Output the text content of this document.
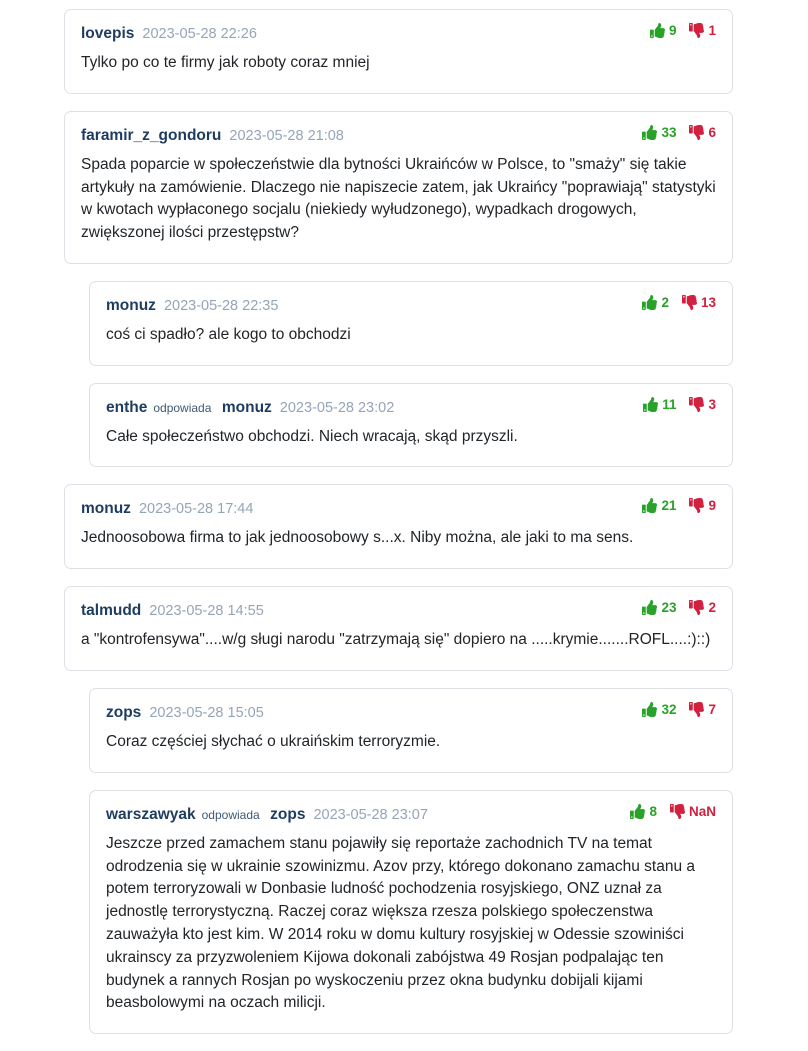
lovepis 2023-05-28 22:26	9 1
Tylko po co te firmy jak roboty coraz mniej
faramir_z_gondoru 2023-05-28 21:08	33 6
Spada poparcie w społeczeństwie dla bytności Ukraińców w Polsce, to "smaży" się takie artykuły na zamówienie. Dlaczego nie napiszecie zatem, jak Ukraińcy "poprawiają" statystyki w kwotach wypłaconego socjalu (niekiedy wyłudzonego), wypadkach drogowych, zwiększonej ilości przestępstw?
monuz 2023-05-28 22:35	2 13
coś ci spadło? ale kogo to obchodzi
enthe odpowiada monuz 2023-05-28 23:02	11 3
Całe społeczeństwo obchodzi. Niech wracają, skąd przyszli.
monuz 2023-05-28 17:44	21 9
Jednoosobowa firma to jak jednoosobowy s...x. Niby można, ale jaki to ma sens.
talmudd 2023-05-28 14:55	23 2
a "kontrofensywa"....w/g sługi narodu "zatrzymają się" dopiero na .....krymie.......ROFL....:)::)
zops 2023-05-28 15:05	32 7
Coraz częściej słychać o ukraińskim terroryzmie.
warszawyak odpowiada zops 2023-05-28 23:07	8 NaN
Jeszcze przed zamachem stanu pojawiły się reportaże zachodnich TV na temat odrodzenia się w ukrainie szowinizmu. Azov przy, którego dokonano zamachu stanu a potem terroryzowali w Donbasie ludność pochodzenia rosyjskiego, ONZ uznał za jednostlę terrorystyczną. Raczej coraz większa rzesza polskiego społeczenstwa zauważyła kto jest kim. W 2014 roku w domu kultury rosyjskiej w Odessie szowiniści ukrainscy za przyzwoleniem Kijowa dokonali zabójstwa 49 Rosjan podpalając ten budynek a rannych Rosjan po wyskoczeniu przez okna budynku dobijali kijami beasbolowymi na oczach milicji.
